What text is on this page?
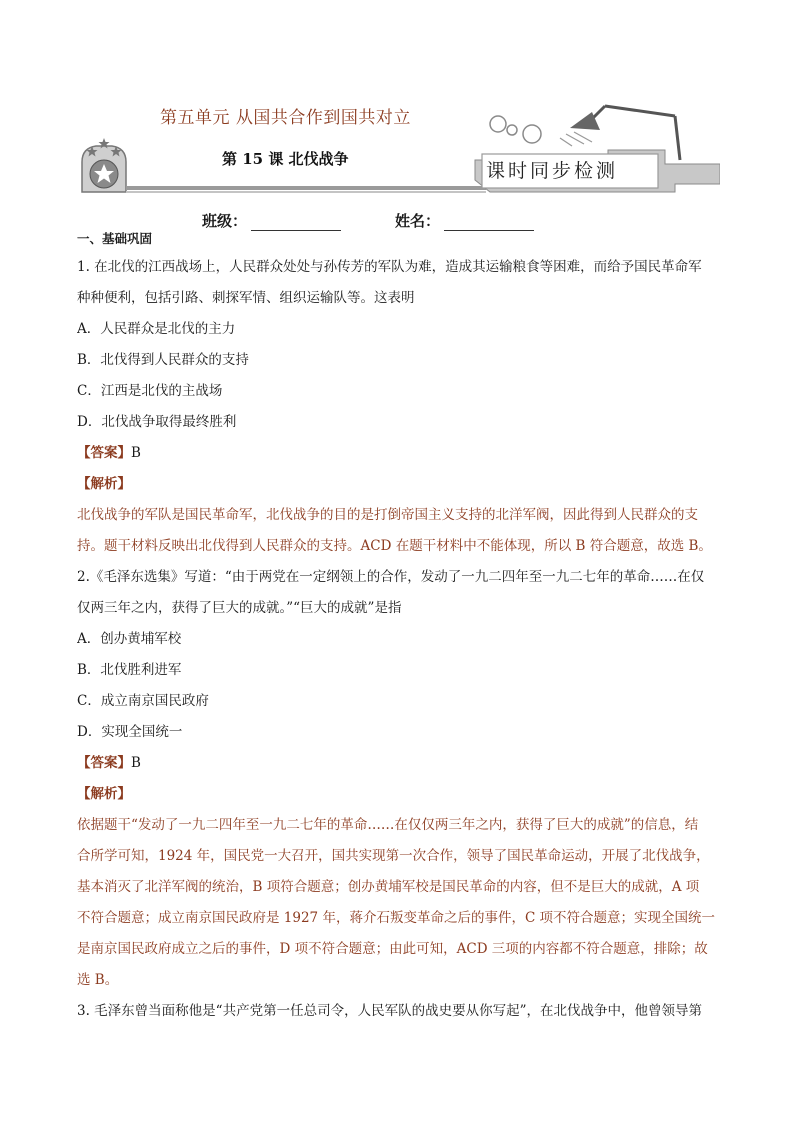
第五单元 从国共合作到国共对立
第 15 课 北伐战争
课时同步检测
班级：	姓名：
一、基础巩固

1. 在北伐的江西战场上，人民群众处处与孙传芳的军队为难，造成其运输粮食等困难，而给予国民革命军

种种便利，包括引路、刺探军情、组织运输队等。这表明

A．人民群众是北伐的主力

B．北伐得到人民群众的支持

C．江西是北伐的主战场

D．北伐战争取得最终胜利

【答案】B

【解析】

北伐战争的军队是国民革命军，北伐战争的目的是打倒帝国主义支持的北洋军阀，因此得到人民群众的支

持。题干材料反映出北伐得到人民群众的支持。ACD 在题干材料中不能体现，所以 B 符合题意，故选 B。

2.《毛泽东选集》写道：“由于两党在一定纲领上的合作，发动了一九二四年至一九二七年的革命……在仅

仅两三年之内，获得了巨大的成就。”“巨大的成就”是指

A．创办黄埔军校

B．北伐胜利进军

C．成立南京国民政府

D．实现全国统一

【答案】B

【解析】

依据题干“发动了一九二四年至一九二七年的革命……在仅仅两三年之内，获得了巨大的成就”的信息，结

合所学可知，1924 年，国民党一大召开，国共实现第一次合作，领导了国民革命运动，开展了北伐战争，

基本消灭了北洋军阀的统治，B 项符合题意；创办黄埔军校是国民革命的内容，但不是巨大的成就，A 项

不符合题意；成立南京国民政府是 1927 年，蒋介石叛变革命之后的事件，C 项不符合题意；实现全国统一

是南京国民政府成立之后的事件，D 项不符合题意；由此可知，ACD 三项的内容都不符合题意，排除；故

选 B。

3. 毛泽东曾当面称他是“共产党第一任总司令，人民军队的战史要从你写起”，在北伐战争中，他曾领导第
